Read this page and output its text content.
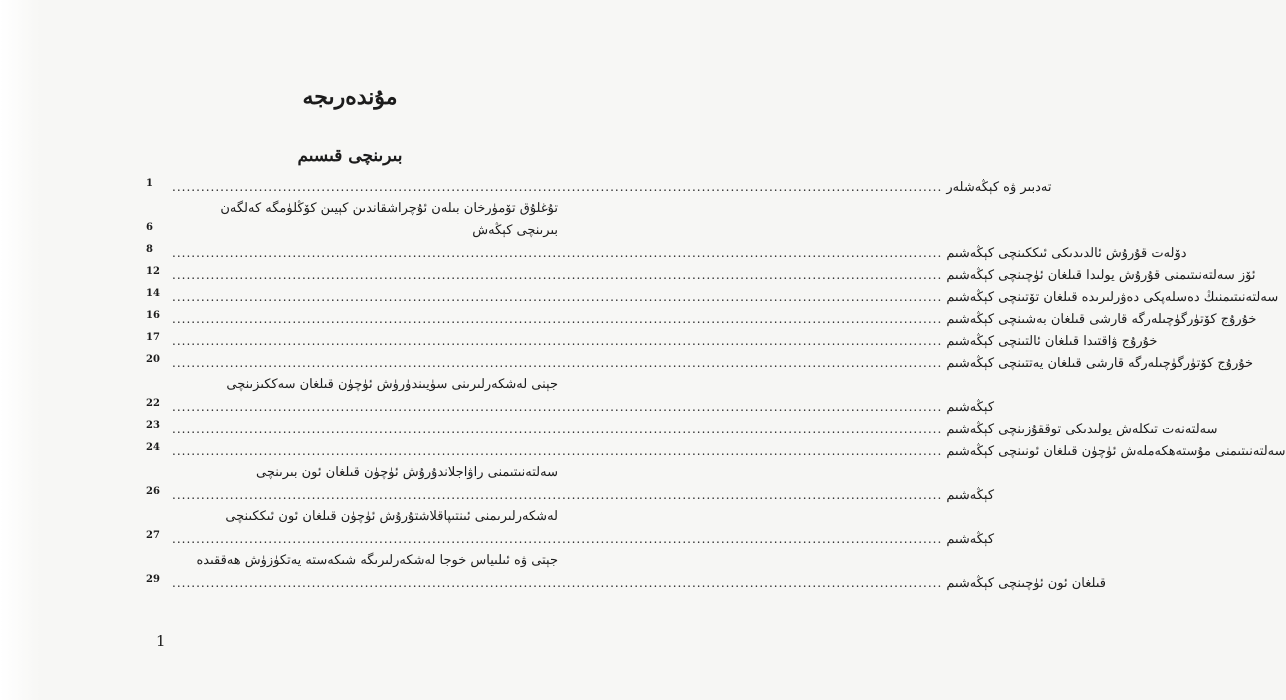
مۇندەرىجە
بىرىنچى قىسىم
1	................................................................................................................................................................ تەدبىر ۋە كېڭەشلەر
تۇغلۇق تۆمۈرخان بىلەن ئۇچراشقاندىن كېيىن كۆڭلۈمگە كەلگەن
6	بىرىنچى كېڭەش
8	................................................................................................................................................................ دۆلەت قۇرۇش ئالدىدىكى ئىككىنچى كېڭەشىم
12	................................................................................................................................................................ ئۆز سەلتەنىتىمنى قۇرۇش يولىدا قىلغان ئۈچىنچى كېڭەشىم
14	................................................................................................................................................................ سەلتەنىتىمنىڭ دەسلەپكى دەۋرلىرىدە قىلغان تۆتىنچى كېڭەشىم
16	................................................................................................................................................................ خۇرۇج كۆتۈرگۈچىلەرگە قارشى قىلغان بەشىنچى كېڭەشىم
17	................................................................................................................................................................ خۇرۇج ۋاقتىدا قىلغان ئالتىنچى كېڭەشىم
20	................................................................................................................................................................ خۇرۇج كۆتۈرگۈچىلەرگە قارشى قىلغان يەتتىنچى كېڭەشىم
جېنى لەشكەرلىرىنى سۈيىندۈرۈش ئۈچۈن قىلغان سەككىزىنچى
22	................................................................................................................................................................ كېڭەشىم
23	................................................................................................................................................................ سەلتەنەت تىكلەش يولىدىكى توققۇزىنچى كېڭەشىم
24	................................................................................................................................................................ سەلتەنىتىمنى مۇستەھكەملەش ئۈچۈن قىلغان ئونىنچى كېڭەشىم
سەلتەنىتىمنى راۋاجلاندۇرۇش ئۈچۈن قىلغان ئون بىرىنچى
26	................................................................................................................................................................ كېڭەشىم
لەشكەرلىرىمنى ئىنتىپاقلاشتۇرۇش ئۈچۈن قىلغان ئون ئىككىنچى
27	................................................................................................................................................................ كېڭەشىم
جېتى ۋە ئىلىياس خوجا لەشكەرلىرىگە شىكەستە يەتكۈزۈش ھەققىدە
29	................................................................................................................................................................ قىلغان ئون ئۈچىنچى كېڭەشىم
1
